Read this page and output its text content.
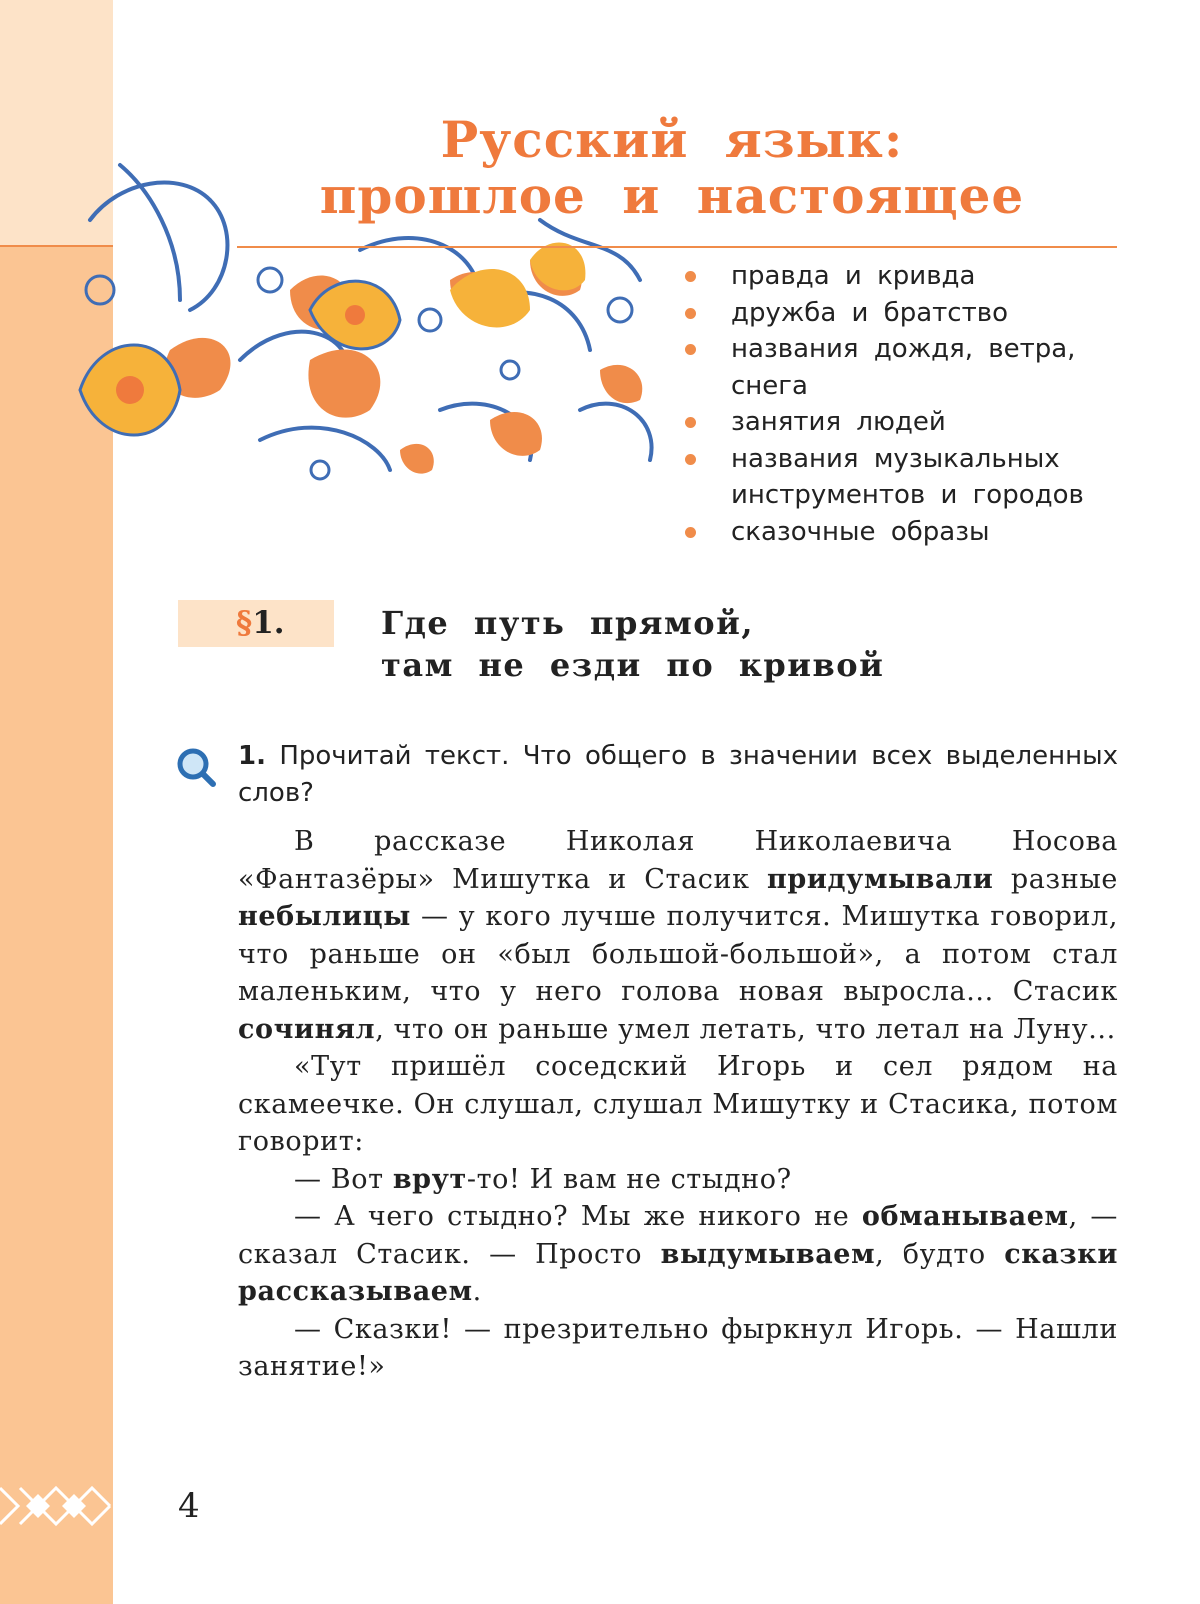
Русский язык:
прошлое и настоящее
правда и кривда
дружба и братство
названия дождя, ветра, снега
занятия людей
названия музыкальных инструментов и городов
сказочные образы
§1.	Где путь прямой,
там не езди по кривой

1. Прочитай текст. Что общего в значении всех выделенных слов?

В рассказе Николая Николаевича Носова «Фантазёры» Мишутка и Стасик придумывали разные небылицы — у кого лучше получится. Мишутка говорил, что раньше он «был большой-большой», а потом стал маленьким, что у него голова новая выросла... Стасик сочинял, что он раньше умел летать, что летал на Луну...

«Тут пришёл соседский Игорь и сел рядом на скамеечке. Он слушал, слушал Мишутку и Стасика, потом говорит:

— Вот врут-то! И вам не стыдно?

— А чего стыдно? Мы же никого не обманываем, — сказал Стасик. — Просто выдумываем, будто сказки рассказываем.

— Сказки! — презрительно фыркнул Игорь. — Нашли занятие!»

4
